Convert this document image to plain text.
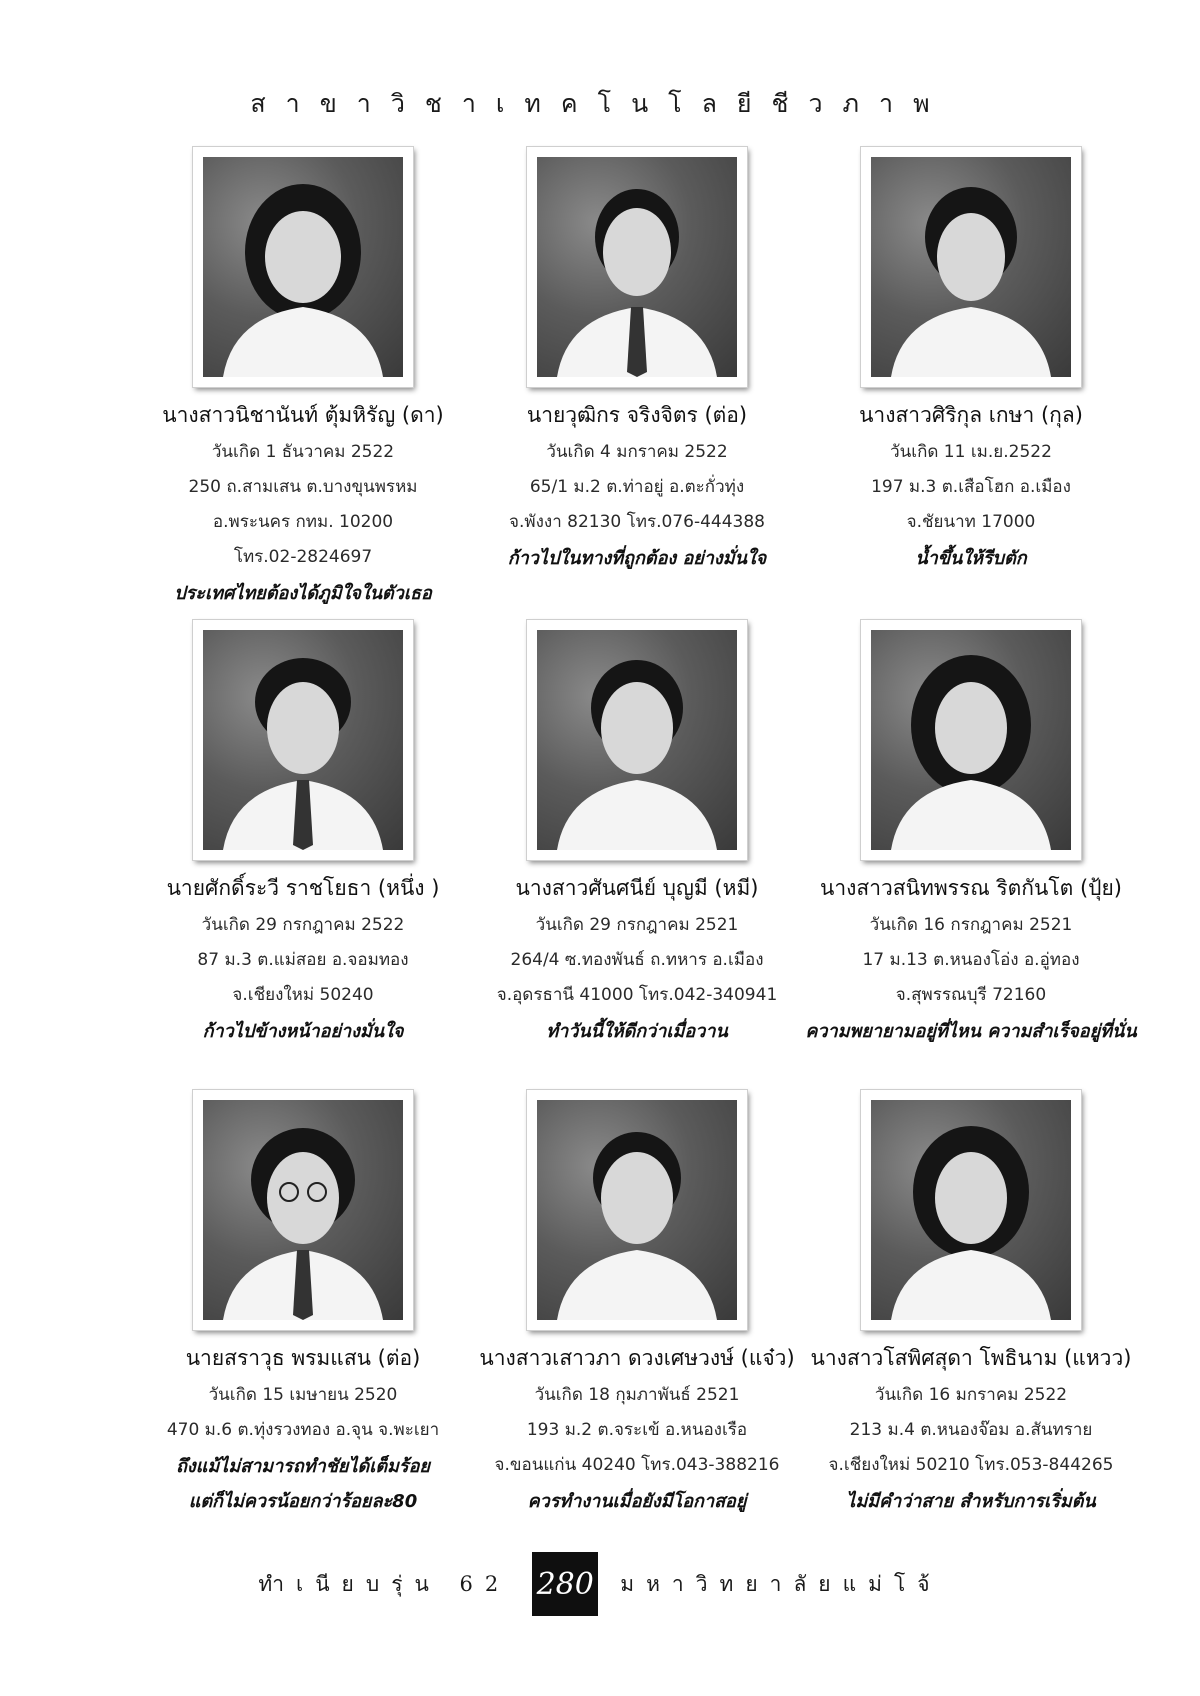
สาขาวิชาเทคโนโลยีชีวภาพ

นางสาวนิชานันท์ ตุ้มหิรัญ (ดา)

วันเกิด 1 ธันวาคม 2522

250 ถ.สามเสน ต.บางขุนพรหม

อ.พระนคร กทม. 10200

โทร.02-2824697

ประเทศไทยต้องได้ภูมิใจในตัวเธอ

นายวุฒิกร จริงจิตร (ต่อ)

วันเกิด 4 มกราคม 2522

65/1 ม.2 ต.ท่าอยู่ อ.ตะกั่วทุ่ง

จ.พังงา 82130 โทร.076-444388

ก้าวไปในทางที่ถูกต้อง อย่างมั่นใจ

นางสาวศิริกุล เกษา (กุล)

วันเกิด 11 เม.ย.2522

197 ม.3 ต.เสือโฮก อ.เมือง

จ.ชัยนาท 17000

น้ำขึ้นให้รีบตัก

นายศักดิ์ระวี ราชโยธา (หนึ่ง )

วันเกิด 29 กรกฎาคม 2522

87 ม.3 ต.แม่สอย อ.จอมทอง

จ.เชียงใหม่ 50240

ก้าวไปข้างหน้าอย่างมั่นใจ

นางสาวศันศนีย์ บุญมี (หมี)

วันเกิด 29 กรกฎาคม 2521

264/4 ซ.ทองพันธ์ ถ.ทหาร อ.เมือง

จ.อุดรธานี 41000 โทร.042-340941

ทำวันนี้ให้ดีกว่าเมื่อวาน

นางสาวสนิทพรรณ ริตกันโต (ปุ้ย)

วันเกิด 16 กรกฎาคม 2521

17 ม.13 ต.หนองโอ่ง อ.อู่ทอง

จ.สุพรรณบุรี 72160

ความพยายามอยู่ที่ไหน ความสำเร็จอยู่ที่นั่น

นายสราวุธ พรมแสน (ต่อ)

วันเกิด 15 เมษายน 2520

470 ม.6 ต.ทุ่งรวงทอง อ.จุน จ.พะเยา

ถึงแม้ไม่สามารถทำชัยได้เต็มร้อย

แต่ก็ไม่ควรน้อยกว่าร้อยละ80

นางสาวเสาวภา ดวงเศษวงษ์ (แจ๋ว)

วันเกิด 18 กุมภาพันธ์ 2521

193 ม.2 ต.จระเข้ อ.หนองเรือ

จ.ขอนแก่น 40240 โทร.043-388216

ควรทำงานเมื่อยังมีโอกาสอยู่

นางสาวโสพิศสุดา โพธินาม (แหวว)

วันเกิด 16 มกราคม 2522

213 ม.4 ต.หนองจ๊อม อ.สันทราย

จ.เชียงใหม่ 50210 โทร.053-844265

ไม่มีคำว่าสาย สำหรับการเริ่มต้น

ทำเนียบรุ่น 62 280 มหาวิทยาลัยแม่โจ้
